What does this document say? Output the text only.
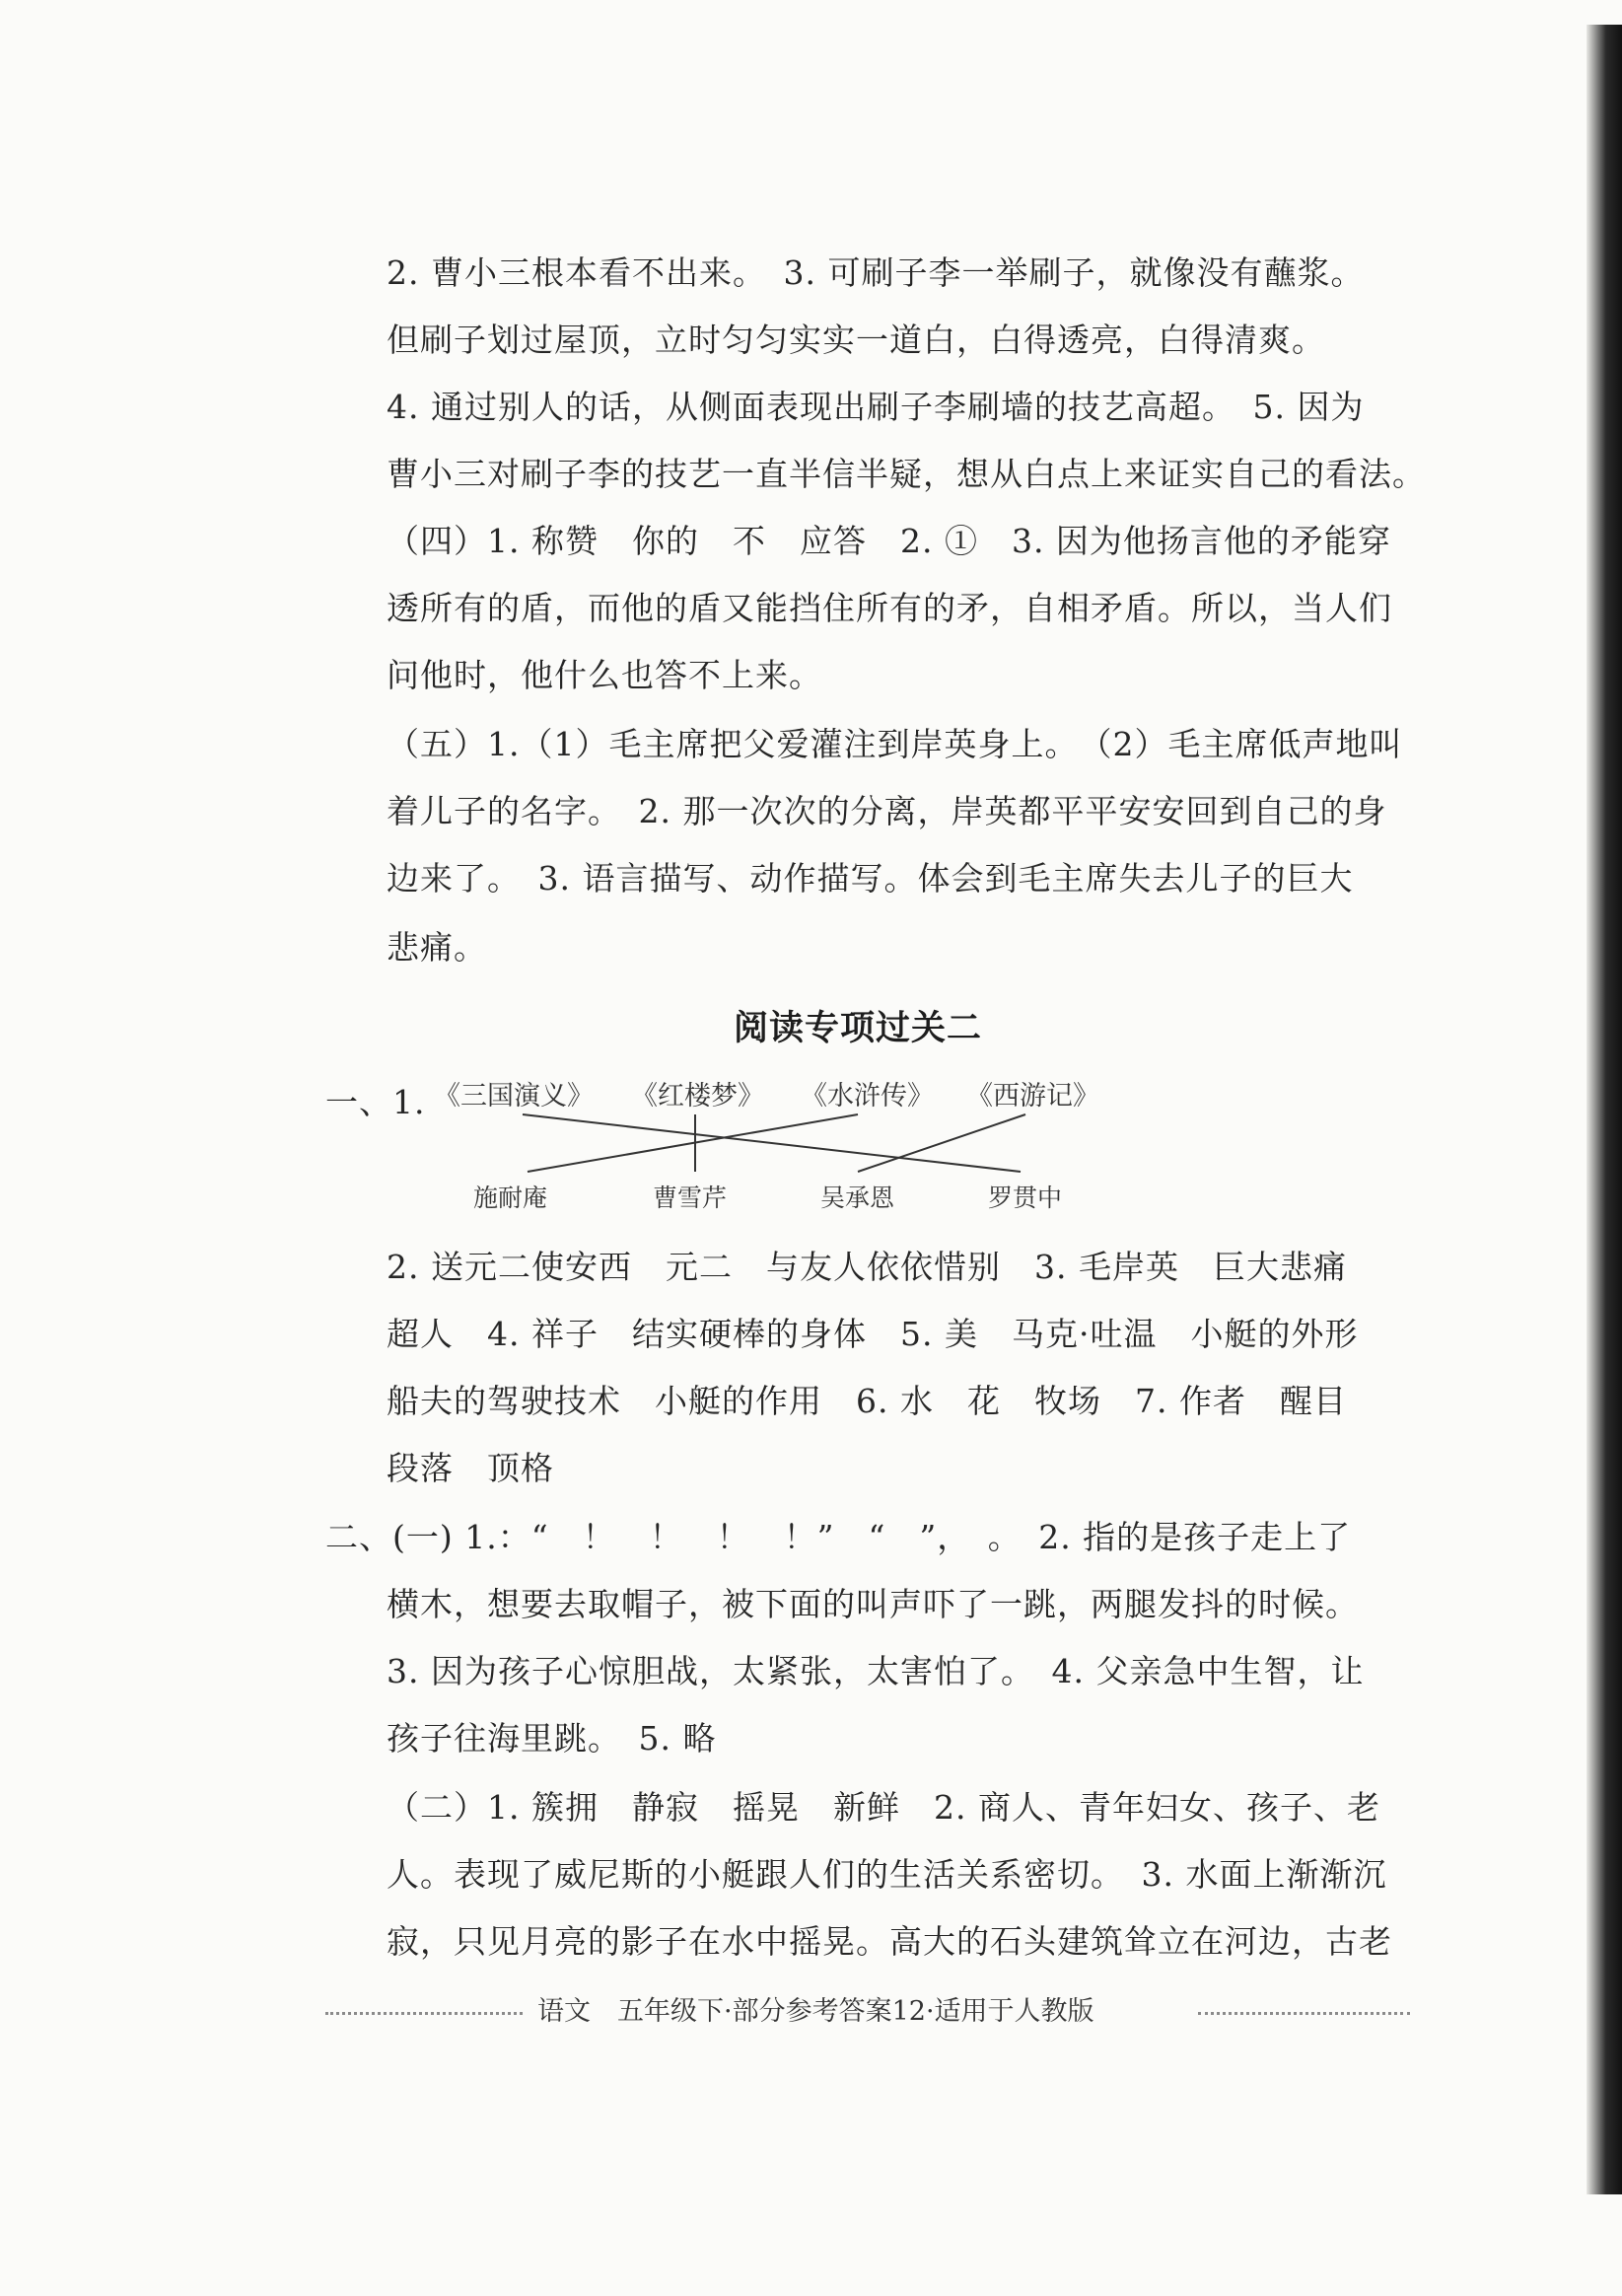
2. 曹小三根本看不出来。　3. 可刷子李一举刷子，就像没有蘸浆。
但刷子划过屋顶，立时匀匀实实一道白，白得透亮，白得清爽。
4. 通过别人的话，从侧面表现出刷子李刷墙的技艺高超。　5. 因为
曹小三对刷子李的技艺一直半信半疑，想从白点上来证实自己的看法。
（四）1. 称赞　你的　不　应答　2. ①　3. 因为他扬言他的矛能穿
透所有的盾，而他的盾又能挡住所有的矛，自相矛盾。所以，当人们
问他时，他什么也答不上来。
（五）1.（1）毛主席把父爱灌注到岸英身上。　（2）毛主席低声地叫
着儿子的名字。　2. 那一次次的分离，岸英都平平安安回到自己的身
边来了。　3. 语言描写、动作描写。体会到毛主席失去儿子的巨大
悲痛。
阅读专项过关二
一、1. 《三国演义》 《红楼梦》 《水浒传》 《西游记》
施耐庵	曹雪芹	吴承恩	罗贯中
2. 送元二使安西　元二　与友人依依惜别　3. 毛岸英　巨大悲痛
超人　4. 祥子　结实硬棒的身体　5. 美　马克·吐温　小艇的外形
船夫的驾驶技术　小艇的作用　6. 水　花　牧场　7. 作者　醒目
段落　顶格
二、(一) 1.：“　！　！　！　！”　“　”，　。　2. 指的是孩子走上了
横木，想要去取帽子，被下面的叫声吓了一跳，两腿发抖的时候。
3. 因为孩子心惊胆战，太紧张，太害怕了。　4. 父亲急中生智，让
孩子往海里跳。　5. 略
（二）1. 簇拥　静寂　摇晃　新鲜　2. 商人、青年妇女、孩子、老
人。表现了威尼斯的小艇跟人们的生活关系密切。　3. 水面上渐渐沉
寂，只见月亮的影子在水中摇晃。高大的石头建筑耸立在河边，古老
语文　五年级下·部分参考答案12·适用于人教版
